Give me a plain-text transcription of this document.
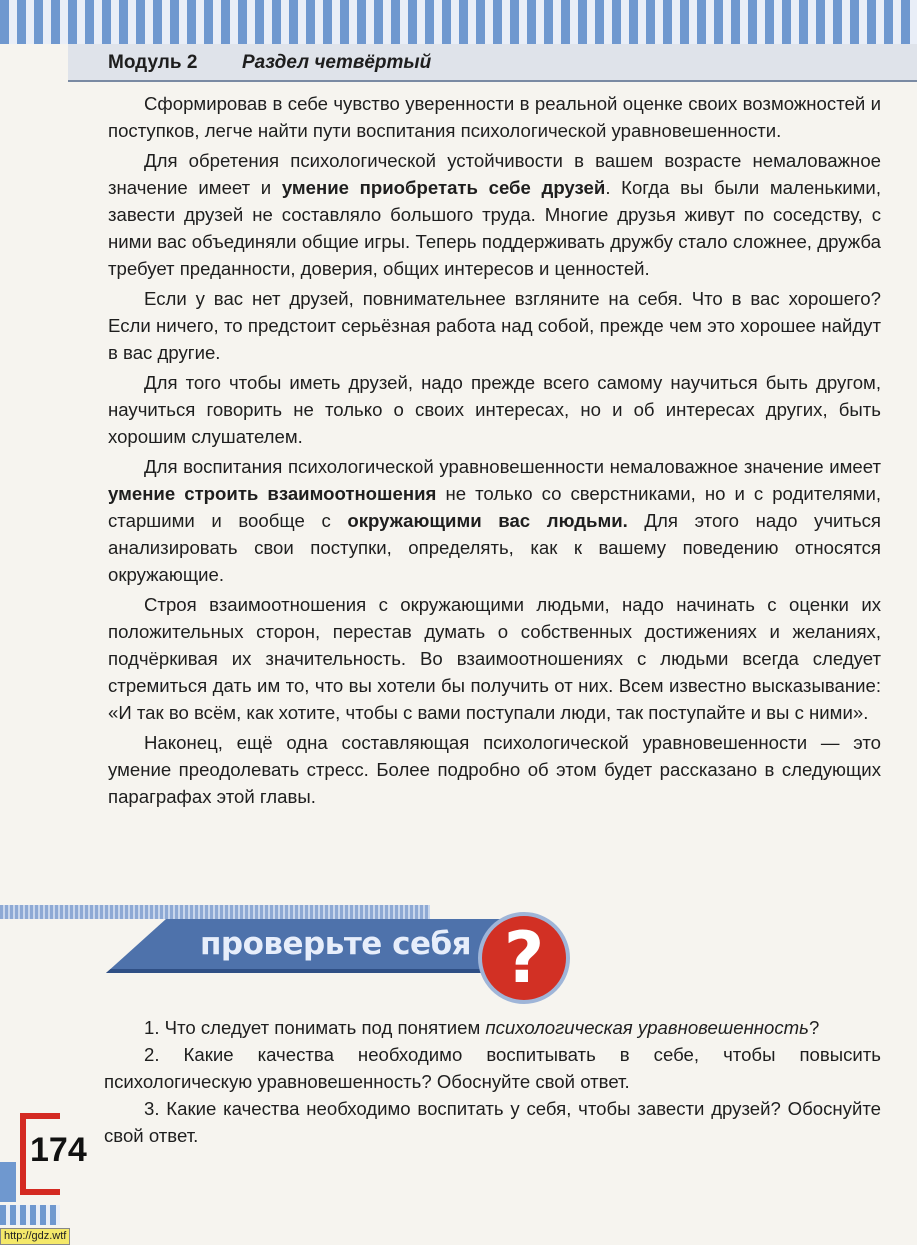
Модуль 2 Раздел четвёртый

Сформировав в себе чувство уверенности в реальной оценке своих возможностей и поступков, легче найти пути воспитания психологической уравновешенности.

Для обретения психологической устойчивости в вашем возрасте немаловажное значение имеет и умение приобретать себе друзей. Когда вы были маленькими, завести друзей не составляло большого труда. Многие друзья живут по соседству, с ними вас объединяли общие игры. Теперь поддерживать дружбу стало сложнее, дружба требует преданности, доверия, общих интересов и ценностей.

Если у вас нет друзей, повнимательнее взгляните на себя. Что в вас хорошего? Если ничего, то предстоит серьёзная работа над собой, прежде чем это хорошее найдут в вас другие.

Для того чтобы иметь друзей, надо прежде всего самому научиться быть другом, научиться говорить не только о своих интересах, но и об интересах других, быть хорошим слушателем.

Для воспитания психологической уравновешенности немаловажное значение имеет умение строить взаимоотношения не только со сверстниками, но и с родителями, старшими и вообще с окружающими вас людьми. Для этого надо учиться анализировать свои поступки, определять, как к вашему поведению относятся окружающие.

Строя взаимоотношения с окружающими людьми, надо начинать с оценки их положительных сторон, перестав думать о собственных достижениях и желаниях, подчёркивая их значительность. Во взаимоотношениях с людьми всегда следует стремиться дать им то, что вы хотели бы получить от них. Всем известно высказывание: «И так во всём, как хотите, чтобы с вами поступали люди, так поступайте и вы с ними».

Наконец, ещё одна составляющая психологической уравновешенности — это умение преодолевать стресс. Более подробно об этом будет рассказано в следующих параграфах этой главы.

проверьте себя ?

1. Что следует понимать под понятием психологическая уравновешенность?

2. Какие качества необходимо воспитывать в себе, чтобы повысить психологическую уравновешенность? Обоснуйте свой ответ.

3. Какие качества необходимо воспитать у себя, чтобы завести друзей? Обоснуйте свой ответ.

174
http://gdz.wtf
